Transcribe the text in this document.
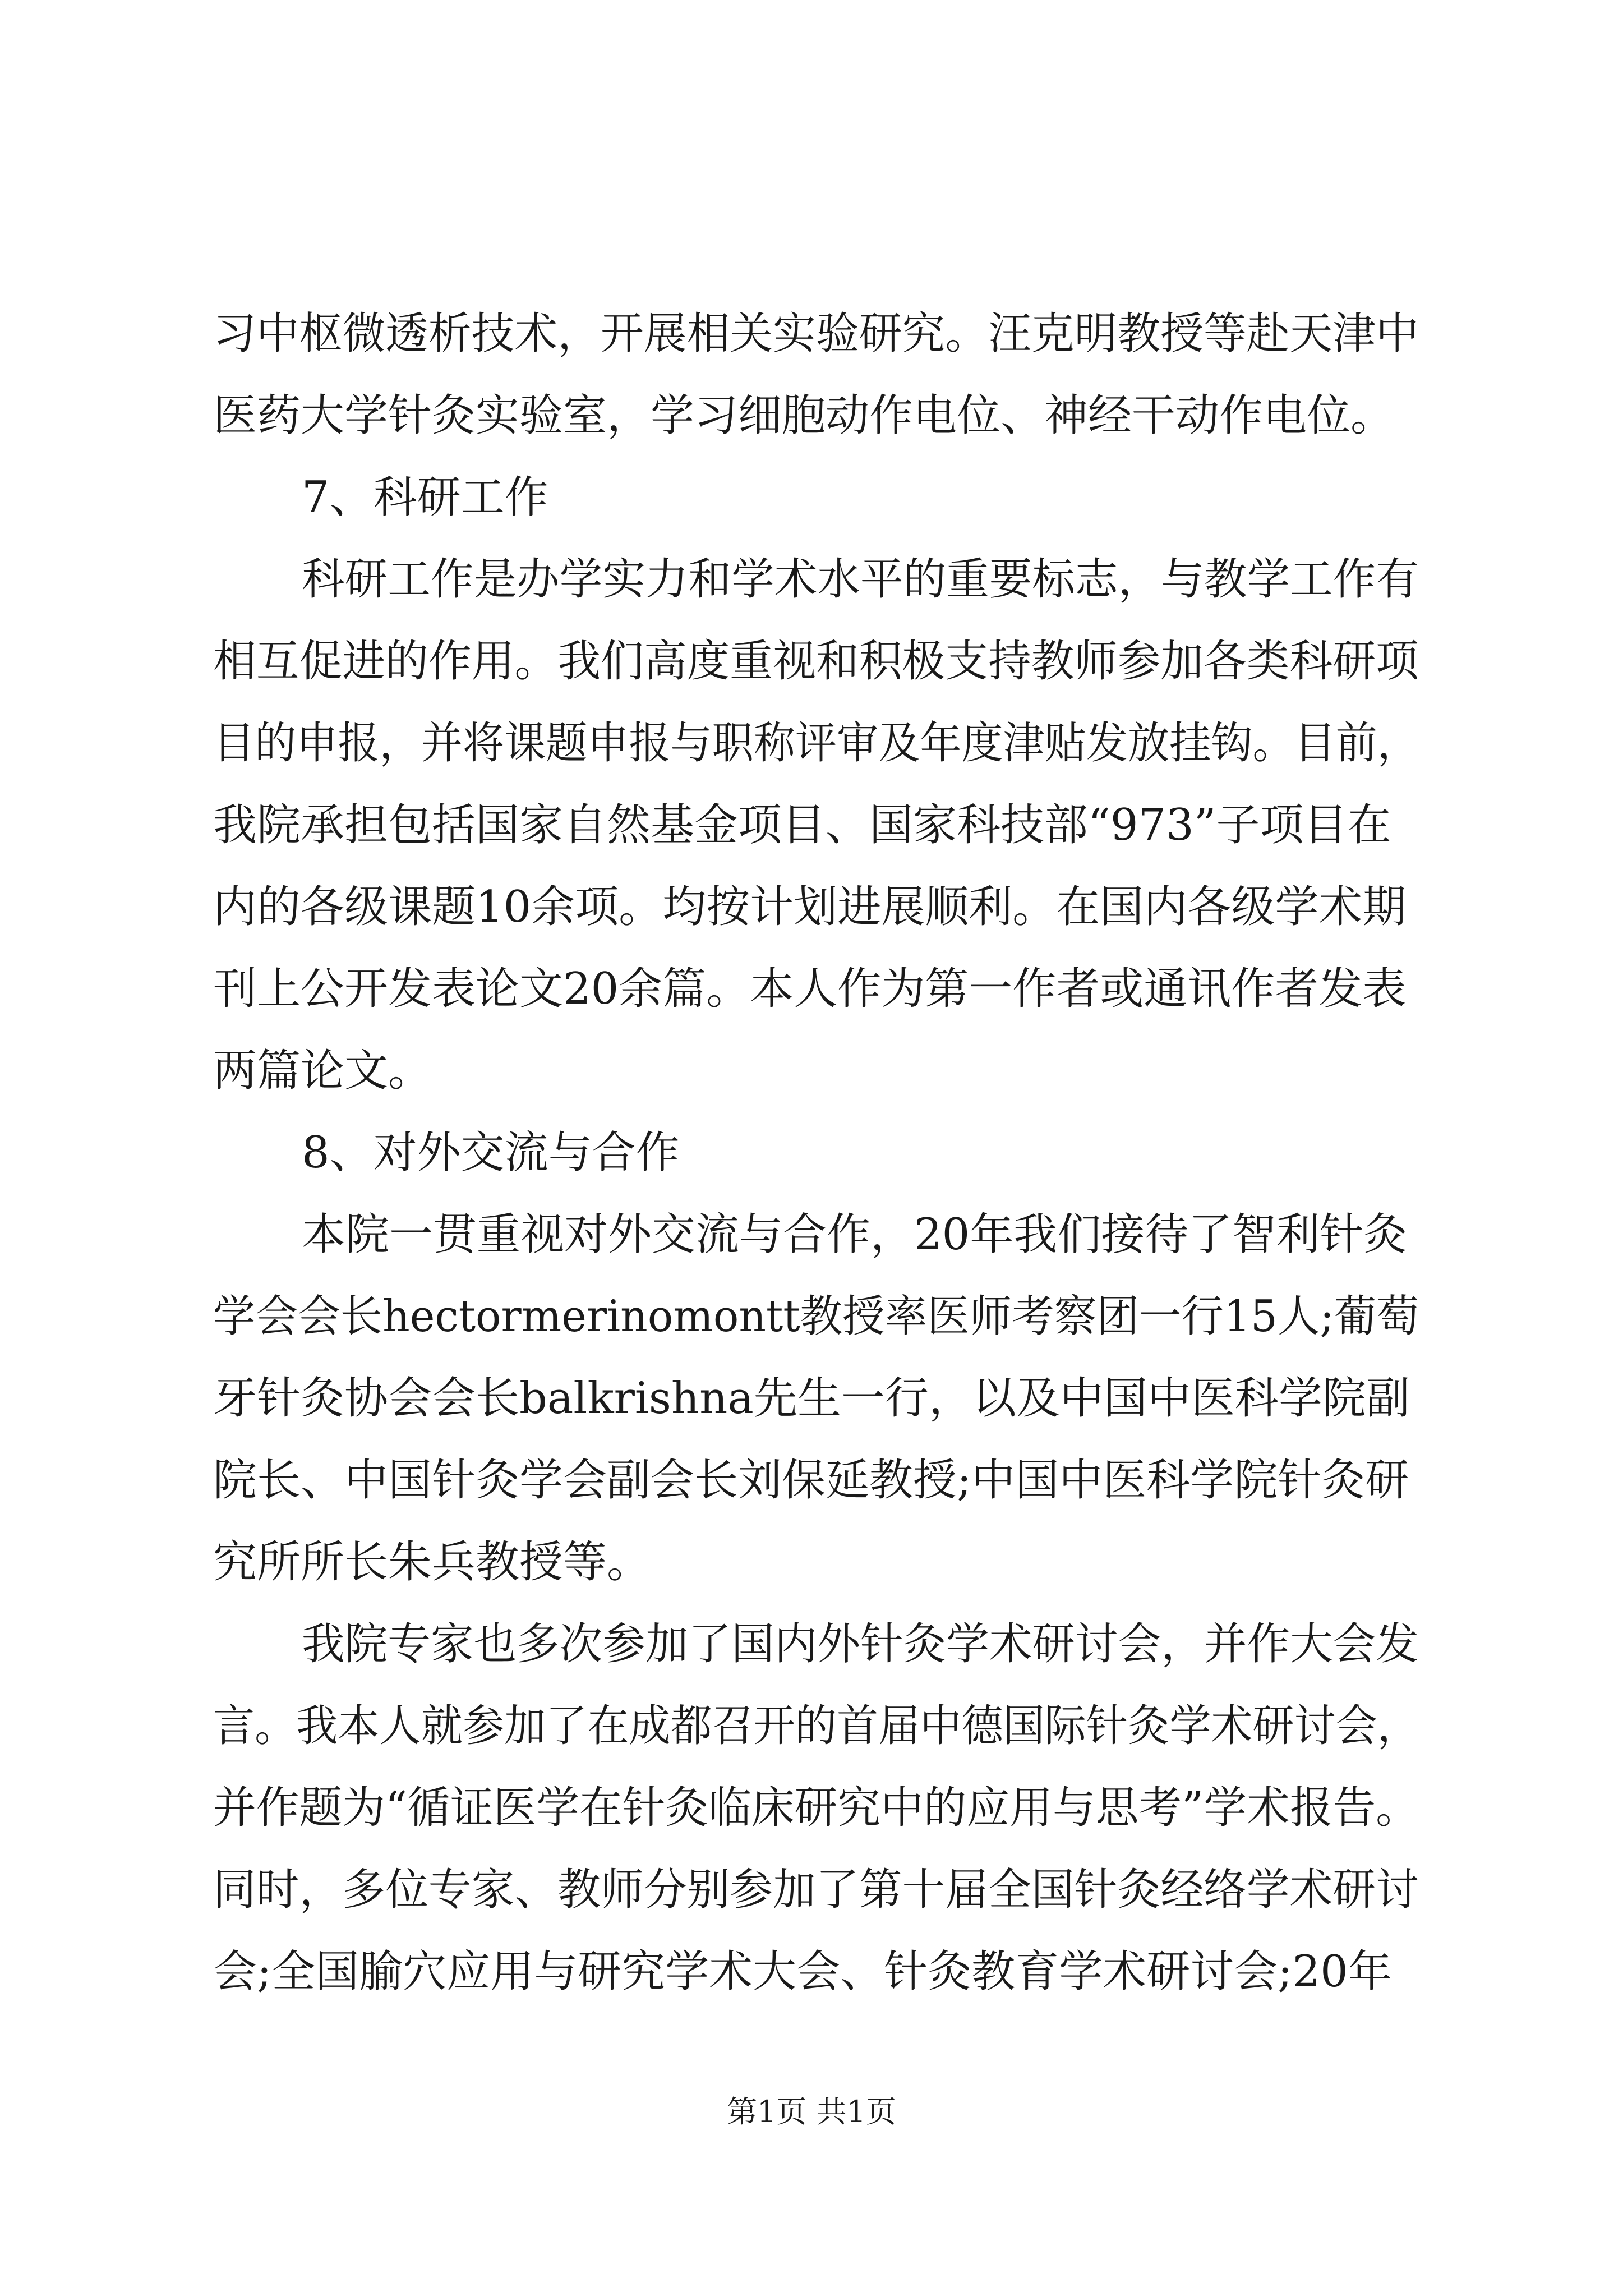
习中枢微透析技术，开展相关实验研究。汪克明教授等赴天津中
医药大学针灸实验室，学习细胞动作电位、神经干动作电位。
7、科研工作
科研工作是办学实力和学术水平的重要标志，与教学工作有
相互促进的作用。我们高度重视和积极支持教师参加各类科研项
目的申报，并将课题申报与职称评审及年度津贴发放挂钩。目前，
我院承担包括国家自然基金项目、国家科技部“973”子项目在
内的各级课题10余项。均按计划进展顺利。在国内各级学术期
刊上公开发表论文20余篇。本人作为第一作者或通讯作者发表
两篇论文。
8、对外交流与合作
本院一贯重视对外交流与合作，20年我们接待了智利针灸
学会会长hectormerinomontt教授率医师考察团一行15人;葡萄
牙针灸协会会长balkrishna先生一行，以及中国中医科学院副
院长、中国针灸学会副会长刘保延教授;中国中医科学院针灸研
究所所长朱兵教授等。
我院专家也多次参加了国内外针灸学术研讨会，并作大会发
言。我本人就参加了在成都召开的首届中德国际针灸学术研讨会，
并作题为“循证医学在针灸临床研究中的应用与思考”学术报告。
同时，多位专家、教师分别参加了第十届全国针灸经络学术研讨
会;全国腧穴应用与研究学术大会、针灸教育学术研讨会;20年
第1页 共1页
